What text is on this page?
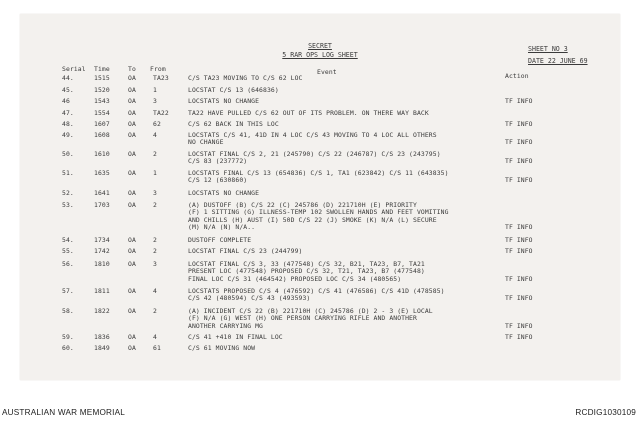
SECRET
5 RAR OPS LOG SHEET
SHEET NO 3
DATE 22 JUNE 69
Event	Action
Serial Time	To From
44.	1515	OA	TA23	C/S TA23 MOVING TO C/S 62 LOC
45.	1520	OA	1	LOCSTAT C/S 13 (646836)
46	1543	OA	3	LOCSTATS NO CHANGE	TF INFO
47.	1554	OA	TA22	TA22 HAVE PULLED C/S 62 OUT OF ITS PROBLEM. ON THERE WAY BACK
48.	1607	OA	62	C/S 62 BACK IN THIS LOC	TF INFO
49.	1608	OA	4	LOCSTATS C/S 41, 41D IN 4 LOC C/S 43 MOVING TO 4 LOC ALL OTHERS
NO CHANGE	TF INFO
50.	1610	OA	2	LOCSTAT FINAL C/S 2, 21 (245790) C/S 22 (246787) C/S 23 (243795)
C/S 83 (237772)	TF INFO
51.	1635	OA	1	LOCSTATS FINAL C/S 13 (654836) C/S 1, TA1 (623842) C/S 11 (643835)
C/S 12 (630860)	TF INFO
52.	1641	OA	3	LOCSTATS NO CHANGE
53.	1703	OA	2	(A) DUSTOFF (B) C/S 22 (C) 245786 (D) 221710H (E) PRIORITY
(F) 1 SITTING (G) ILLNESS-TEMP 102 SWOLLEN HANDS AND FEET VOMITING
AND CHILLS (H) AUST (I) 50D C/S 22 (J) SMOKE (K) N/A (L) SECURE
(M) N/A (N) N/A..	TF INFO
54.	1734	OA	2	DUSTOFF COMPLETE	TF INFO
55.	1742	OA	2	LOCSTAT FINAL C/S 23 (244799)	TF INFO
56.	1810	OA	3	LOCSTAT FINAL C/S 3, 33 (477548) C/S 32, B21, TA23, B7, TA21
PRESENT LOC (477548) PROPOSED C/S 32, T21, TA23, B7 (477548)
FINAL LOC C/S 31 (464542) PROPOSED LOC C/S 34 (480565)	TF INFO
57.	1811	OA	4	LOCSTATS PROPOSED C/S 4 (476592) C/S 41 (476586) C/S 41D (478585)
C/S 42 (480594) C/S 43 (493593)	TF INFO
58.	1822	OA	2	(A) INCIDENT C/S 22 (B) 221710H (C) 245786 (D) 2 - 3 (E) LOCAL
(F) N/A (G) WEST (H) ONE PERSON CARRYING RIFLE AND ANOTHER
ANOTHER CARRYING MG	TF INFO
59.	1836	OA	4	C/S 41 +410 IN FINAL LOC	TF INFO
60.	1849	OA	61	C/S 61 MOVING NOW
AUSTRALIAN WAR MEMORIAL	RCDIG1030109
